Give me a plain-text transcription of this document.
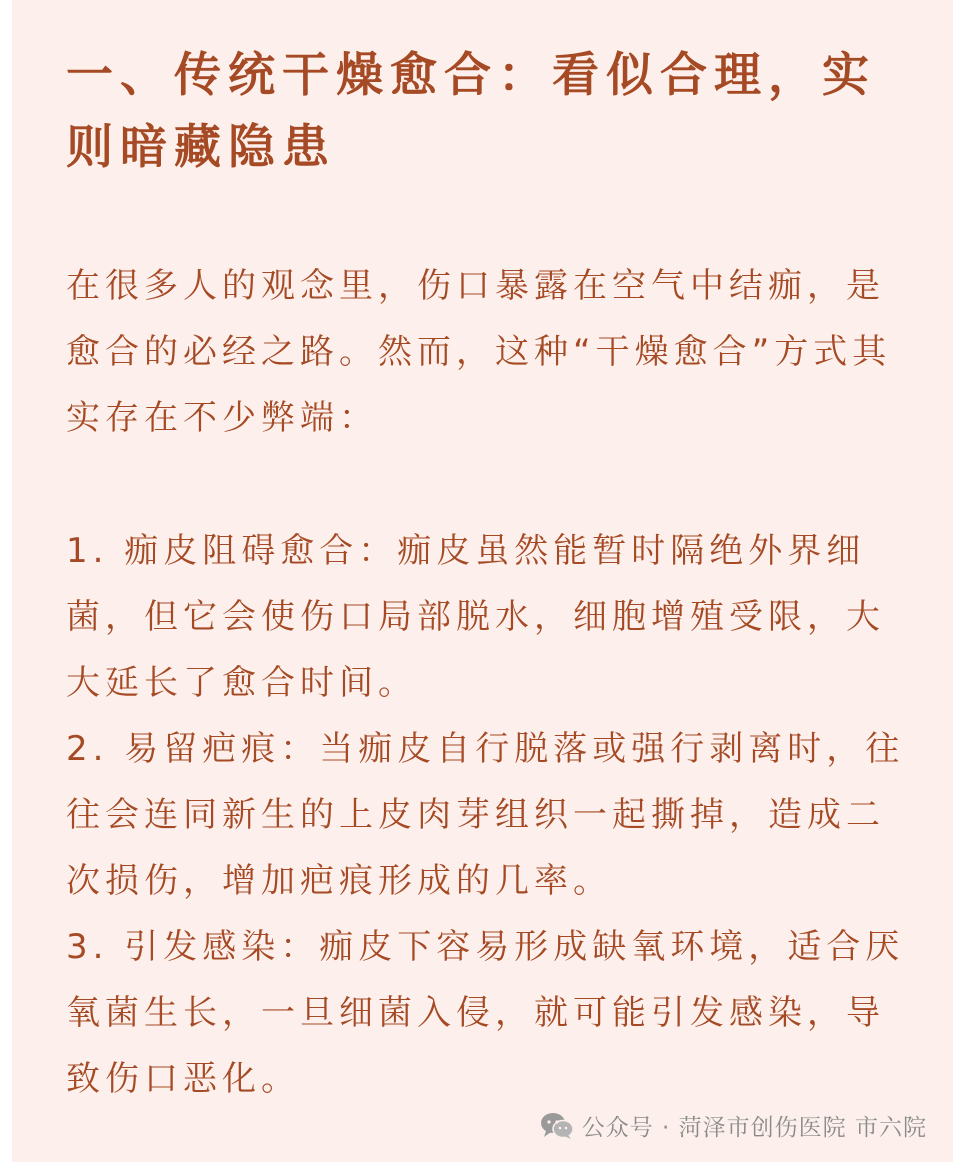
一、传统干燥愈合：看似合理，实则暗藏隐患

在很多人的观念里，伤口暴露在空气中结痂，是愈合的必经之路。然而，这种“干燥愈合”方式其实存在不少弊端：

1. 痂皮阻碍愈合：痂皮虽然能暂时隔绝外界细菌，但它会使伤口局部脱水，细胞增殖受限，大大延长了愈合时间。
2. 易留疤痕：当痂皮自行脱落或强行剥离时，往往会连同新生的上皮肉芽组织一起撕掉，造成二次损伤，增加疤痕形成的几率。
3. 引发感染：痂皮下容易形成缺氧环境，适合厌氧菌生长，一旦细菌入侵，就可能引发感染，导致伤口恶化。
公众号 · 菏泽市创伤医院 市六院
